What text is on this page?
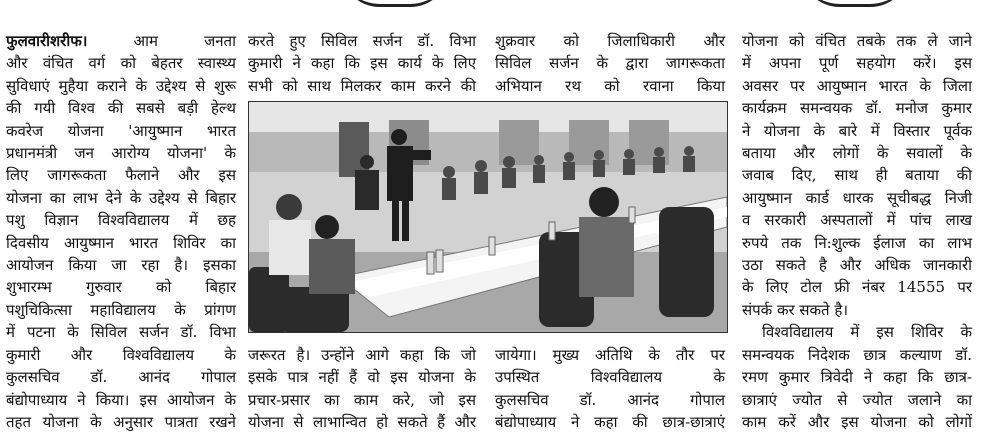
फुलवारीशरीफ। आम जनता

और वंचित वर्ग को बेहतर स्वास्थ्य

सुविधाएं मुहैया कराने के उद्देश्य से शुरू

की गयी विश्व की सबसे बड़ी हेल्थ

कवरेज योजना 'आयुष्मान भारत

प्रधानमंत्री जन आरोग्य योजना' के

लिए जागरूकता फैलाने और इस

योजना का लाभ देने के उद्देश्य से बिहार

पशु विज्ञान विश्वविद्यालय में छह

दिवसीय आयुष्मान भारत शिविर का

आयोजन किया जा रहा है। इसका

शुभारम्भ गुरुवार को बिहार

पशुचिकित्सा महाविद्यालय के प्रांगण

में पटना के सिविल सर्जन डॉ. विभा

कुमारी और विश्वविद्यालय के

कुलसचिव डॉ. आनंद गोपाल

बंद्योपाध्याय ने किया। इस आयोजन के

तहत योजना के अनुसार पात्रता रखने

करते हुए सिविल सर्जन डॉ. विभा

कुमारी ने कहा कि इस कार्य के लिए

सभी को साथ मिलकर काम करने की

शुक्रवार को जिलाधिकारी और

सिविल सर्जन के द्वारा जागरूकता

अभियान रथ को रवाना किया

जरूरत है। उन्होंने आगे कहा कि जो

इसके पात्र नहीं हैं वो इस योजना के

प्रचार-प्रसार का काम करे, जो इस

योजना से लाभान्वित हो सकते हैं और

जायेगा। मुख्य अतिथि के तौर पर

उपस्थित विश्वविद्यालय के

कुलसचिव डॉ. आनंद गोपाल

बंद्योपाध्याय ने कहा की छात्र-छात्राएं

योजना को वंचित तबके तक ले जाने

में अपना पूर्ण सहयोग करें। इस

अवसर पर आयुष्मान भारत के जिला

कार्यक्रम समन्वयक डॉ. मनोज कुमार

ने योजना के बारे में विस्तार पूर्वक

बताया और लोगों के सवालों के

जवाब दिए, साथ ही बताया की

आयुष्मान कार्ड धारक सूचीबद्ध निजी

व सरकारी अस्पतालों में पांच लाख

रुपये तक नि:शुल्क ईलाज का लाभ

उठा सकते है और अधिक जानकारी

के लिए टोल फ्री नंबर 14555 पर

संपर्क कर सकते है।

विश्वविद्यालय में इस शिविर के

समन्वयक निदेशक छात्र कल्याण डॉ.

रमण कुमार त्रिवेदी ने कहा कि छात्र-

छात्राएं ज्योत से ज्योत जलाने का

काम करें और इस योजना को लोगों
